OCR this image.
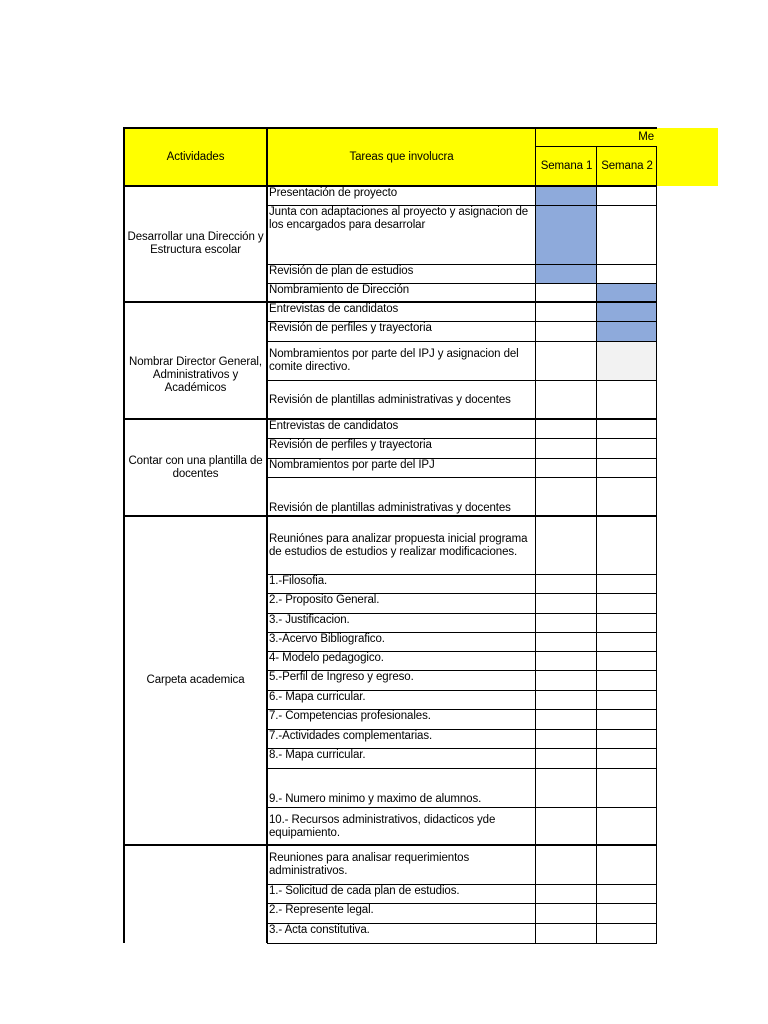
Actividades	Tareas que involucra
Me
Semana 1 Semana 2
Desarrollar una Dirección y Estructura escolar
Nombrar Director General, Administrativos y Académicos
Contar con una plantilla de docentes
Carpeta academica
Presentación de proyecto
Junta con adaptaciones al proyecto y asignacion de los encargados para desarrolar
Revisión de plan de estudios
Nombramiento de Dirección
Entrevistas de candidatos
Revisión de perfiles y trayectoria
Nombramientos por parte del IPJ y asignacion del comite directivo.
Revisión de plantillas administrativas y docentes
Entrevistas de candidatos
Revisión de perfiles y trayectoria
Nombramientos por parte del IPJ
Revisión de plantillas administrativas y docentes
Reuniónes para analizar propuesta inicial programa de estudios de estudios y realizar modificaciones.
1.-Filosofia.
2.- Proposito General.
3.- Justificacion.
3.-Acervo Bibliografico.
4- Modelo pedagogico.
5.-Perfil de Ingreso y egreso.
6.- Mapa curricular.
7.- Competencias profesionales.
7.-Actividades complementarias.
8.- Mapa curricular.
9.- Numero minimo y maximo de alumnos.
10.- Recursos administrativos, didacticos yde equipamiento.
Reuniones para analisar requerimientos administrativos.
1.- Solicitud de cada plan de estudios.
2.- Represente legal.
3.- Acta constitutiva.
